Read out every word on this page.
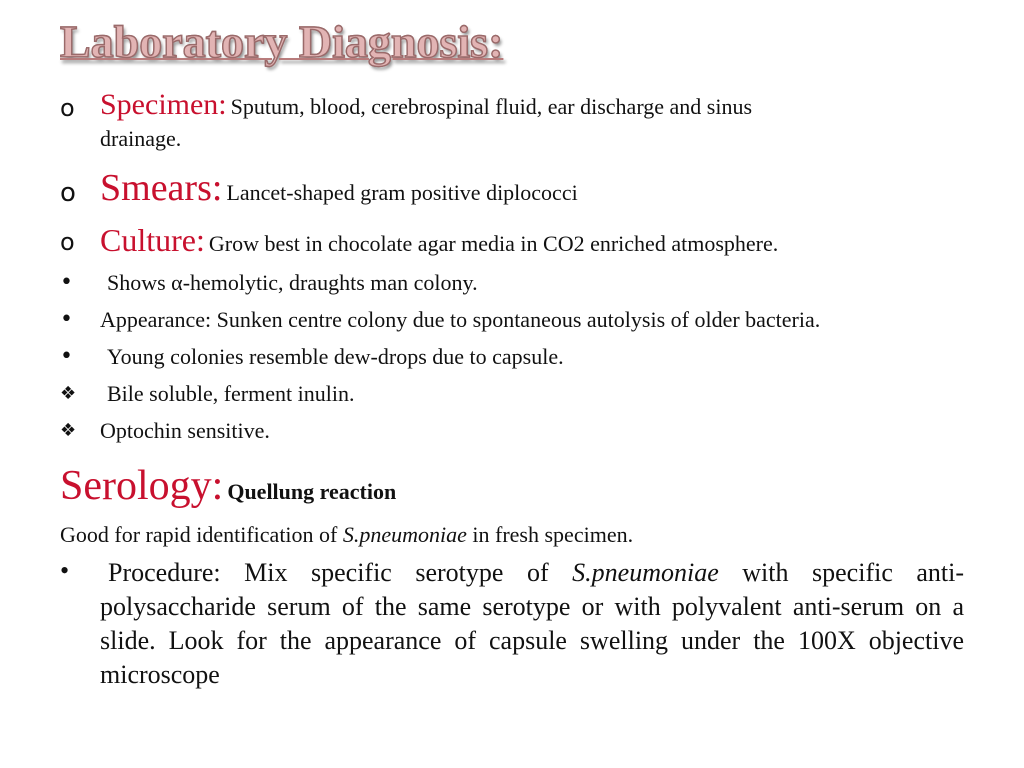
Laboratory Diagnosis:
o Specimen: Sputum, blood, cerebrospinal fluid, ear discharge and sinus
drainage.
o Smears: Lancet-shaped gram positive diplococci
o Culture: Grow best in chocolate agar media in CO2 enriched atmosphere.
• Shows α-hemolytic, draughts man colony.
• Appearance: Sunken centre colony due to spontaneous autolysis of older bacteria.
• Young colonies resemble dew-drops due to capsule.
❖ Bile soluble, ferment inulin.
❖ Optochin sensitive.
Serology: Quellung reaction
Good for rapid identification of S.pneumoniae in fresh specimen.
•	Procedure: Mix specific serotype of S.pneumoniae with specific anti-polysaccharide serum of the same serotype or with polyvalent anti-serum on a slide. Look for the appearance of capsule swelling under the 100X objective microscope
